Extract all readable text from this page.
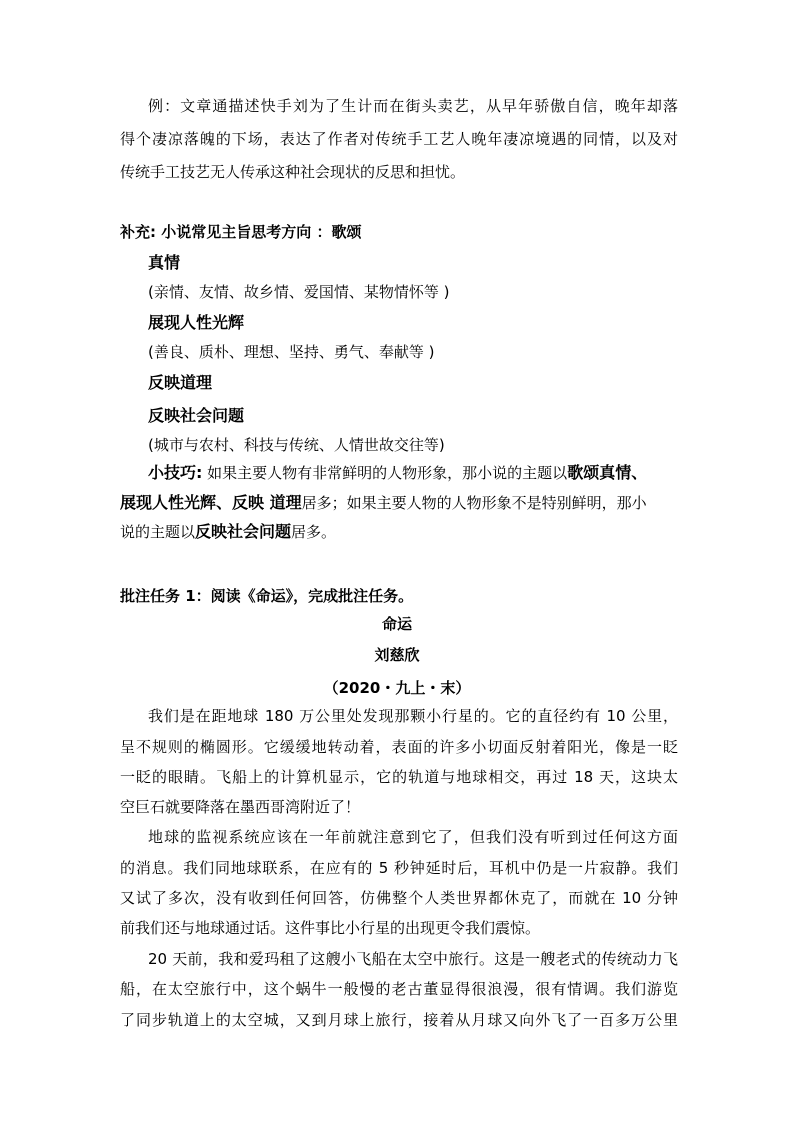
例：文章通描述快手刘为了生计而在街头卖艺，从早年骄傲自信，晚年却落
得个凄凉落魄的下场，表达了作者对传统手工艺人晚年凄凉境遇的同情，以及对
传统手工技艺无人传承这种社会现状的反思和担忧。
补充: 小说常见主旨思考方向 ：歌颂
真情
(亲情、友情、故乡情、爱国情、某物情怀等 )
展现人性光辉
(善良、质朴、理想、坚持、勇气、奉献等 )
反映道理
反映社会问题
(城市与农村、科技与传统、人情世故交往等)
小技巧: 如果主要人物有非常鲜明的人物形象，那小说的主题以歌颂真情、
展现人性光辉、反映 道理居多；如果主要人物的人物形象不是特别鲜明，那小
说的主题以反映社会问题居多。
批注任务 1：阅读《命运》，完成批注任务。
命运
刘慈欣
（2020・九上・末）
我们是在距地球 180 万公里处发现那颗小行星的。它的直径约有 10 公里，
呈不规则的椭圆形。它缓缓地转动着，表面的许多小切面反射着阳光，像是一眨
一眨的眼睛。飞船上的计算机显示，它的轨道与地球相交，再过 18 天，这块太
空巨石就要降落在墨西哥湾附近了！
地球的监视系统应该在一年前就注意到它了，但我们没有听到过任何这方面
的消息。我们同地球联系，在应有的 5 秒钟延时后，耳机中仍是一片寂静。我们
又试了多次，没有收到任何回答，仿佛整个人类世界都休克了，而就在 10 分钟
前我们还与地球通过话。这件事比小行星的出现更令我们震惊。
20 天前，我和爱玛租了这艘小飞船在太空中旅行。这是一艘老式的传统动力飞
船，在太空旅行中，这个蜗牛一般慢的老古董显得很浪漫，很有情调。我们游览
了同步轨道上的太空城，又到月球上旅行，接着从月球又向外飞了一百多万公里
